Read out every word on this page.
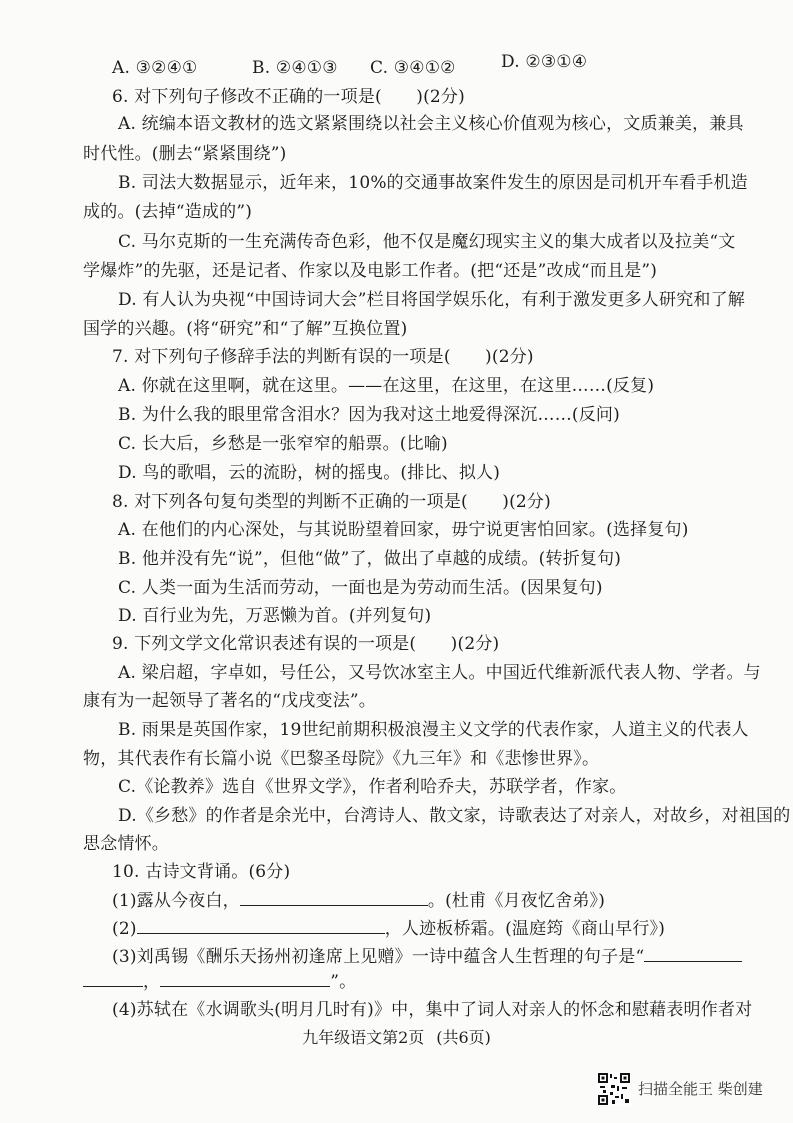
A. ③②④①	B. ②④①③ C. ③④①②	D. ②③①④
6. 对下列句子修改不正确的一项是(　　)(2分)
A. 统编本语文教材的选文紧紧围绕以社会主义核心价值观为核心，文质兼美，兼具
时代性。(删去“紧紧围绕”)
B. 司法大数据显示，近年来，10%的交通事故案件发生的原因是司机开车看手机造
成的。(去掉“造成的”)
C. 马尔克斯的一生充满传奇色彩，他不仅是魔幻现实主义的集大成者以及拉美“文
学爆炸”的先驱，还是记者、作家以及电影工作者。(把“还是”改成“而且是”)
D. 有人认为央视“中国诗词大会”栏目将国学娱乐化，有利于激发更多人研究和了解
国学的兴趣。(将“研究”和“了解”互换位置)
7. 对下列句子修辞手法的判断有误的一项是(　　)(2分)
A. 你就在这里啊，就在这里。——在这里，在这里，在这里……(反复)
B. 为什么我的眼里常含泪水？因为我对这土地爱得深沉……(反问)
C. 长大后，乡愁是一张窄窄的船票。(比喻)
D. 鸟的歌唱，云的流盼，树的摇曳。(排比、拟人)
8. 对下列各句复句类型的判断不正确的一项是(　　)(2分)
A. 在他们的内心深处，与其说盼望着回家，毋宁说更害怕回家。(选择复句)
B. 他并没有先“说”，但他“做”了，做出了卓越的成绩。(转折复句)
C. 人类一面为生活而劳动，一面也是为劳动而生活。(因果复句)
D. 百行业为先，万恶懒为首。(并列复句)
9. 下列文学文化常识表述有误的一项是(　　)(2分)
A. 梁启超，字卓如，号任公，又号饮冰室主人。中国近代维新派代表人物、学者。与
康有为一起领导了著名的“戊戌变法”。
B. 雨果是英国作家，19世纪前期积极浪漫主义文学的代表作家，人道主义的代表人
物，其代表作有长篇小说《巴黎圣母院》《九三年》和《悲惨世界》。
C.《论教养》选自《世界文学》，作者利哈乔夫，苏联学者，作家。
D.《乡愁》的作者是余光中，台湾诗人、散文家，诗歌表达了对亲人，对故乡，对祖国的
思念情怀。
10. 古诗文背诵。(6分)
(1)露从今夜白，	。(杜甫《月夜忆舍弟》)
(2)	，人迹板桥霜。(温庭筠《商山早行》)
(3)刘禹锡《酬乐天扬州初逢席上见赠》一诗中蕴含人生哲理的句子是“
，	”。
(4)苏轼在《水调歌头(明月几时有)》中，集中了词人对亲人的怀念和慰藉表明作者对
九年级语文第2页 (共6页)
扫描全能王 柴创建
